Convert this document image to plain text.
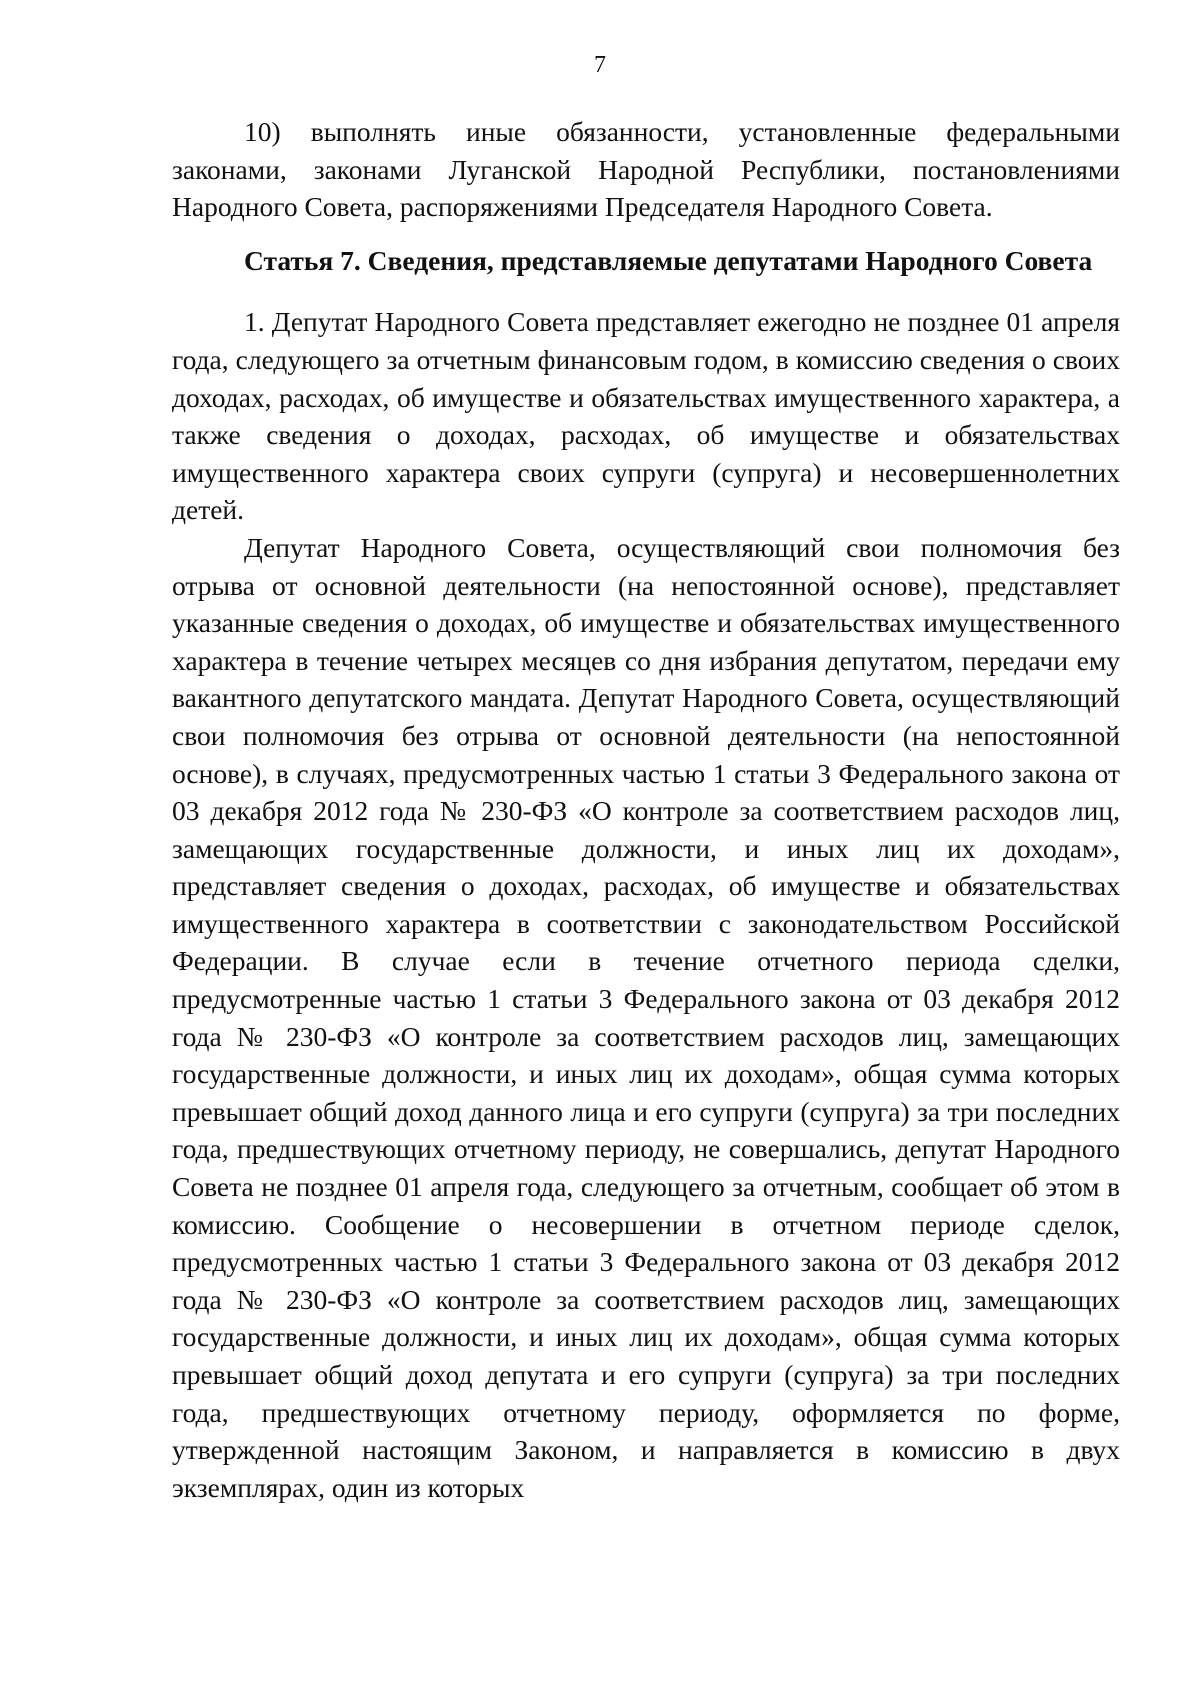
7

10) выполнять иные обязанности, установленные федеральными законами, законами Луганской Народной Республики, постановлениями Народного Совета, распоряжениями Председателя Народного Совета.

Статья 7. Сведения, представляемые депутатами Народного Совета

1. Депутат Народного Совета представляет ежегодно не позднее 01 апреля года, следующего за отчетным финансовым годом, в комиссию сведения о своих доходах, расходах, об имуществе и обязательствах имущественного характера, а также сведения о доходах, расходах, об имуществе и обязательствах имущественного характера своих супруги (супруга) и несовершеннолетних детей.

Депутат Народного Совета, осуществляющий свои полномочия без отрыва от основной деятельности (на непостоянной основе), представляет указанные сведения о доходах, об имуществе и обязательствах имущественного характера в течение четырех месяцев со дня избрания депутатом, передачи ему вакантного депутатского мандата. Депутат Народного Совета, осуществляющий свои полномочия без отрыва от основной деятельности (на непостоянной основе), в случаях, предусмотренных частью 1 статьи 3 Федерального закона от 03 декабря 2012 года № 230-ФЗ «О контроле за соответствием расходов лиц, замещающих государственные должности, и иных лиц их доходам», представляет сведения о доходах, расходах, об имуществе и обязательствах имущественного характера в соответствии с законодательством Российской Федерации. В случае если в течение отчетного периода сделки, предусмотренные частью 1 статьи 3 Федерального закона от 03 декабря 2012 года № 230-ФЗ «О контроле за соответствием расходов лиц, замещающих государственные должности, и иных лиц их доходам», общая сумма которых превышает общий доход данного лица и его супруги (супруга) за три последних года, предшествующих отчетному периоду, не совершались, депутат Народного Совета не позднее 01 апреля года, следующего за отчетным, сообщает об этом в комиссию. Сообщение о несовершении в отчетном периоде сделок, предусмотренных частью 1 статьи 3 Федерального закона от 03 декабря 2012 года № 230-ФЗ «О контроле за соответствием расходов лиц, замещающих государственные должности, и иных лиц их доходам», общая сумма которых превышает общий доход депутата и его супруги (супруга) за три последних года, предшествующих отчетному периоду, оформляется по форме, утвержденной настоящим Законом, и направляется в комиссию в двух экземплярах, один из которых
